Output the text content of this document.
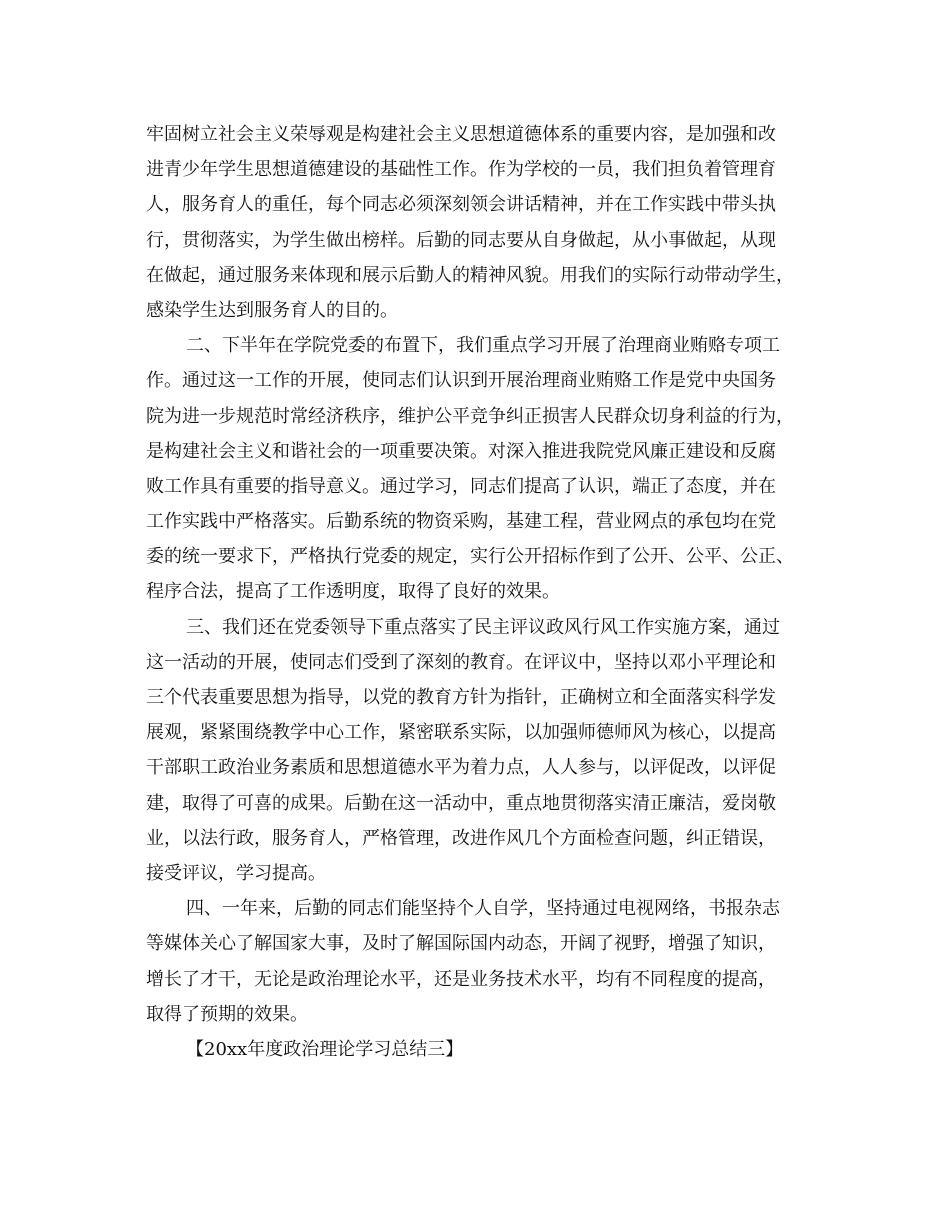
牢固树立社会主义荣辱观是构建社会主义思想道德体系的重要内容，是加强和改
进青少年学生思想道德建设的基础性工作。作为学校的一员，我们担负着管理育
人，服务育人的重任，每个同志必须深刻领会讲话精神，并在工作实践中带头执
行，贯彻落实，为学生做出榜样。后勤的同志要从自身做起，从小事做起，从现
在做起，通过服务来体现和展示后勤人的精神风貌。用我们的实际行动带动学生，
感染学生达到服务育人的目的。
二、下半年在学院党委的布置下，我们重点学习开展了治理商业贿赂专项工
作。通过这一工作的开展，使同志们认识到开展治理商业贿赂工作是党中央国务
院为进一步规范时常经济秩序，维护公平竞争纠正损害人民群众切身利益的行为，
是构建社会主义和谐社会的一项重要决策。对深入推进我院党风廉正建设和反腐
败工作具有重要的指导意义。通过学习，同志们提高了认识，端正了态度，并在
工作实践中严格落实。后勤系统的物资采购，基建工程，营业网点的承包均在党
委的统一要求下，严格执行党委的规定，实行公开招标作到了公开、公平、公正、
程序合法，提高了工作透明度，取得了良好的效果。
三、我们还在党委领导下重点落实了民主评议政风行风工作实施方案，通过
这一活动的开展，使同志们受到了深刻的教育。在评议中，坚持以邓小平理论和
三个代表重要思想为指导，以党的教育方针为指针，正确树立和全面落实科学发
展观，紧紧围绕教学中心工作，紧密联系实际，以加强师德师风为核心，以提高
干部职工政治业务素质和思想道德水平为着力点，人人参与，以评促改，以评促
建，取得了可喜的成果。后勤在这一活动中，重点地贯彻落实清正廉洁，爱岗敬
业，以法行政，服务育人，严格管理，改进作风几个方面检查问题，纠正错误，
接受评议，学习提高。
四、一年来，后勤的同志们能坚持个人自学，坚持通过电视网络，书报杂志
等媒体关心了解国家大事，及时了解国际国内动态，开阔了视野，增强了知识，
增长了才干，无论是政治理论水平，还是业务技术水平，均有不同程度的提高，
取得了预期的效果。
【20xx年度政治理论学习总结三】
